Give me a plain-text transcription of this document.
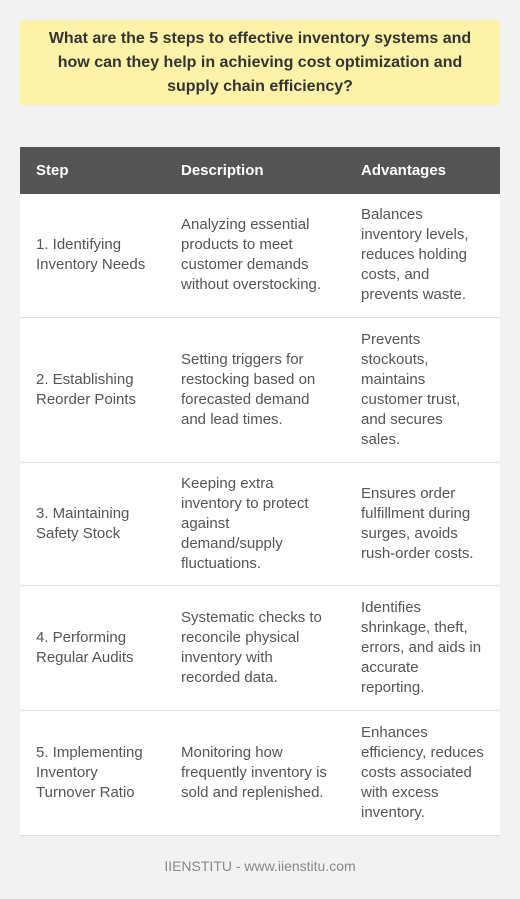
What are the 5 steps to effective inventory systems and how can they help in achieving cost optimization and supply chain efficiency?

Step	Description	Advantages
1. Identifying Inventory Needs	Analyzing essential products to meet customer demands without overstocking.	Balances inventory levels, reduces holding costs, and prevents waste.
2. Establishing Reorder Points	Setting triggers for restocking based on forecasted demand and lead times.	Prevents stockouts, maintains customer trust, and secures sales.
3. Maintaining Safety Stock	Keeping extra inventory to protect against demand/supply fluctuations.	Ensures order fulfillment during surges, avoids rush-order costs.
4. Performing Regular Audits	Systematic checks to reconcile physical inventory with recorded data.	Identifies shrinkage, theft, errors, and aids in accurate reporting.
5. Implementing Inventory Turnover Ratio	Monitoring how frequently inventory is sold and replenished.	Enhances efficiency, reduces costs associated with excess inventory.
IIENSTITU - www.iienstitu.com
